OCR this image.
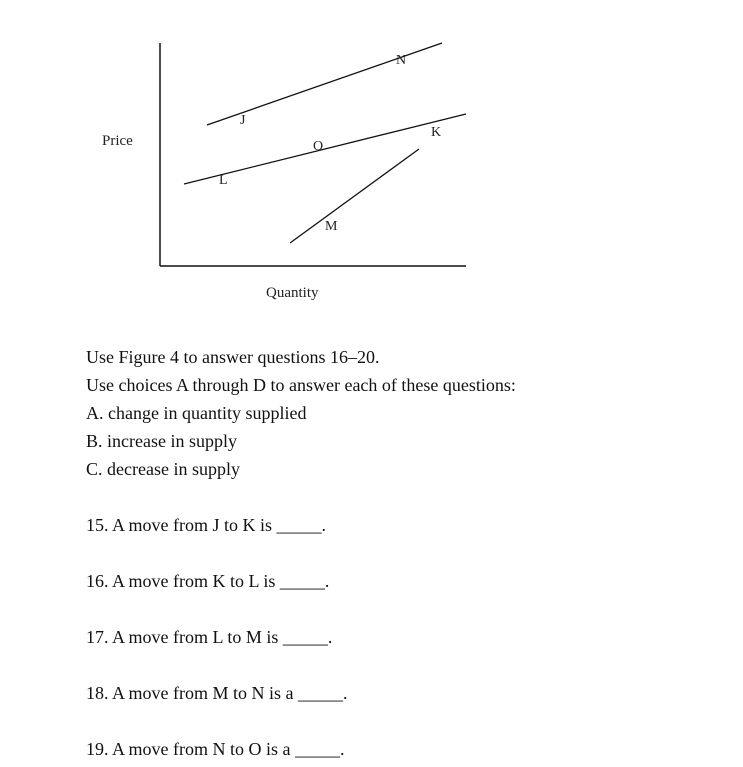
J
N
O
K
L
M
Price
Quantity

Use Figure 4 to answer questions 16–20.

Use choices A through D to answer each of these questions:

A. change in quantity supplied

B. increase in supply

C. decrease in supply

15. A move from J to K is _____.

16. A move from K to L is _____.

17. A move from L to M is _____.

18. A move from M to N is a _____.

19. A move from N to O is a _____.
